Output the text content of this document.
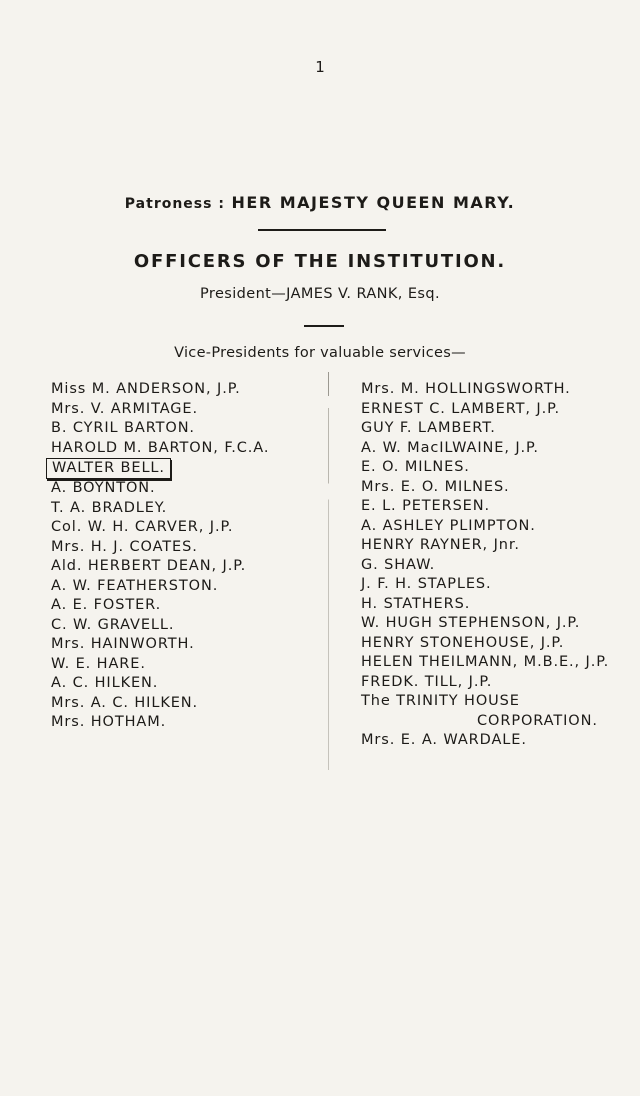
1
Patroness : HER MAJESTY QUEEN MARY.
OFFICERS OF THE INSTITUTION.
President—JAMES V. RANK, Esq.
Vice-Presidents for valuable services—
Miss M. ANDERSON, J.P.
Mrs. V. ARMITAGE.
B. CYRIL BARTON.
HAROLD M. BARTON, F.C.A.
WALTER BELL.
A. BOYNTON.
T. A. BRADLEY.
Col. W. H. CARVER, J.P.
Mrs. H. J. COATES.
Ald. HERBERT DEAN, J.P.
A. W. FEATHERSTON.
A. E. FOSTER.
C. W. GRAVELL.
Mrs. HAINWORTH.
W. E. HARE.
A. C. HILKEN.
Mrs. A. C. HILKEN.
Mrs. HOTHAM.
Mrs. M. HOLLINGSWORTH.
ERNEST C. LAMBERT, J.P.
GUY F. LAMBERT.
A. W. MacILWAINE, J.P.
E. O. MILNES.
Mrs. E. O. MILNES.
E. L. PETERSEN.
A. ASHLEY PLIMPTON.
HENRY RAYNER, Jnr.
G. SHAW.
J. F. H. STAPLES.
H. STATHERS.
W. HUGH STEPHENSON, J.P.
HENRY STONEHOUSE, J.P.
HELEN THEILMANN, M.B.E., J.P.
FREDK. TILL, J.P.
The TRINITY HOUSE
CORPORATION.
Mrs. E. A. WARDALE.
